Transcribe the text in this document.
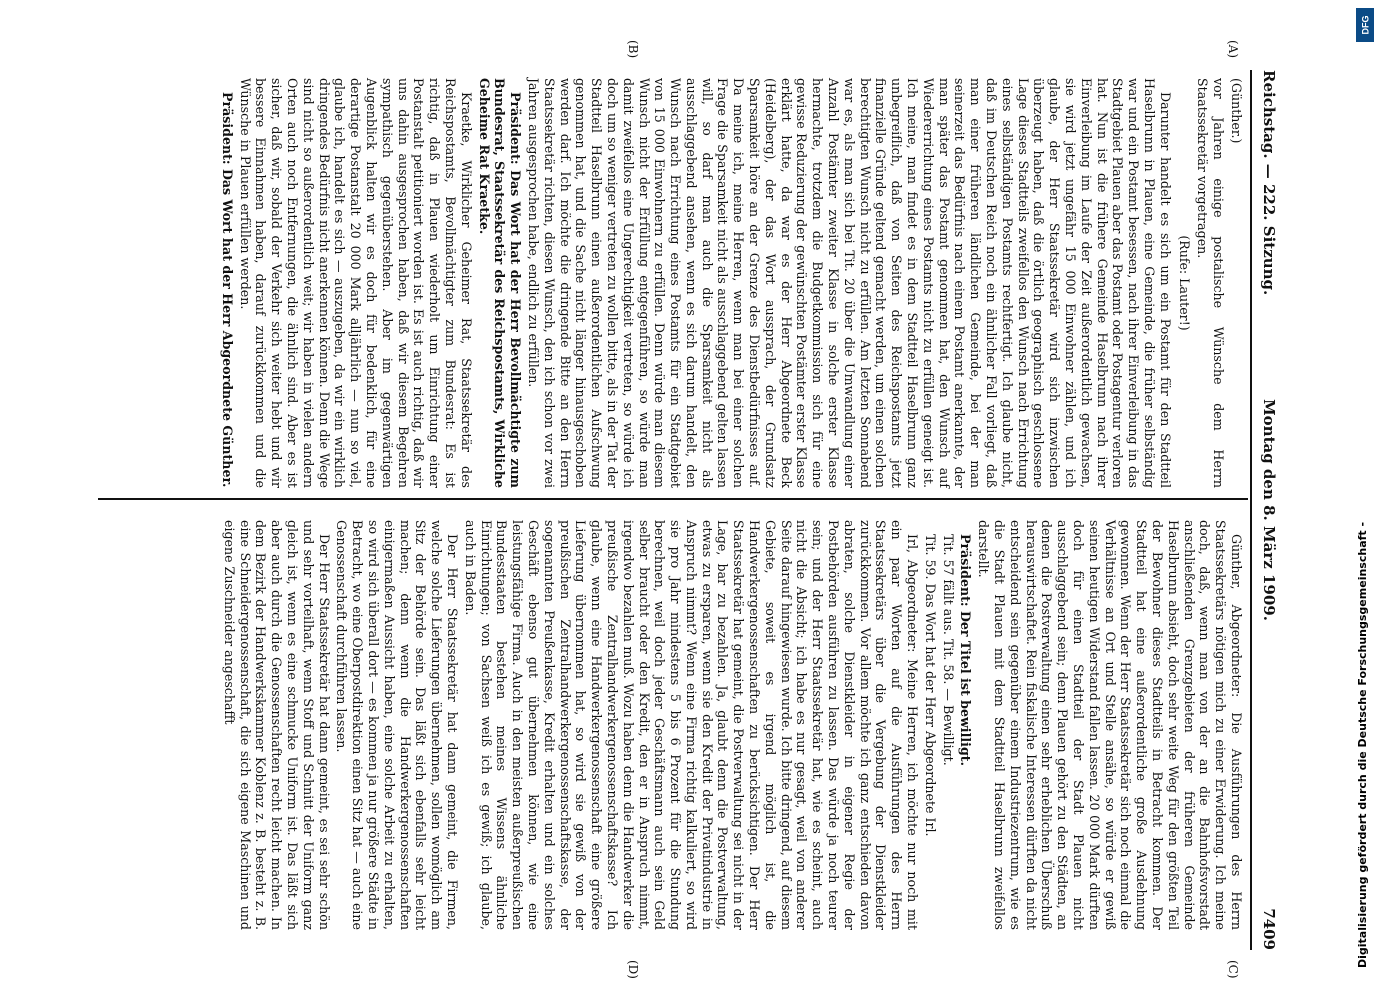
Reichstag. — 222. Sitzung.
Montag den 8. März 1909.
7409
(A)
(B)
(C)
(D)

(Günther.)

vor Jahren einige postalische Wünsche dem Herrn Staatssekretär vorgetragen.

(Rufe: Lauter!)

Darunter handelt es sich um ein Postamt für den Stadtteil Haselbrunn in Plauen, eine Gemeinde, die früher selbständig war und ein Postamt besessen, nach ihrer Einverleibung in das Stadtgebiet Plauen aber das Postamt oder Postagentur verloren hat. Nun ist die frühere Gemeinde Haselbrunn nach ihrer Einverleibung im Laufe der Zeit außerordentlich gewachsen, sie wird jetzt ungefähr 15 000 Einwohner zählen, und ich glaube, der Herr Staatssekretär wird sich inzwischen überzeugt haben, daß die örtlich geographisch geschlossene Lage dieses Stadtteils zweifellos den Wunsch nach Errichtung eines selbständigen Postamts rechtfertigt. Ich glaube nicht, daß im Deutschen Reich noch ein ähnlicher Fall vorliegt, daß man einer früheren ländlichen Gemeinde, bei der man seinerzeit das Bedürfnis nach einem Postamt anerkannte, der man später das Postamt genommen hat, den Wunsch auf Wiedererrichtung eines Postamts nicht zu erfüllen geneigt ist. Ich meine, man findet es in dem Stadtteil Haselbrunn ganz unbegreiflich, daß von Seiten des Reichspostamts jetzt finanzielle Gründe geltend gemacht werden, um einen solchen berechtigten Wunsch nicht zu erfüllen. Am letzten Sonnabend war es, als man sich bei Tit. 20 über die Umwandlung einer Anzahl Postämter zweiter Klasse in solche erster Klasse hermachte, trotzdem die Budgetkommission sich für eine gewisse Reduzierung der gewünschten Postämter erster Klasse erklärt hatte, da war es der Herr Abgeordnete Beck (Heidelberg), der das Wort aussprach, der Grundsatz Sparsamkeit höre an der Grenze des Dienstbedürfnisses auf. Da meine ich, meine Herren, wenn man bei einer solchen Frage die Sparsamkeit nicht als ausschlaggebend gelten lassen will, so darf man auch die Sparsamkeit nicht als ausschlaggebend ansehen, wenn es sich darum handelt, den Wunsch nach Errichtung eines Postamts für ein Stadtgebiet von 15 000 Einwohnern zu erfüllen. Denn würde man diesem Wunsch nicht der Erfüllung entgegenführen, so würde man damit zweifellos eine Ungerechtigkeit vertreten, so würde ich doch um so weniger vertreten zu wollen bitte, als in der Tat der Stadtteil Haselbrunn einen außerordentlichen Aufschwung genommen hat, und die Sache nicht länger hinausgeschoben werden darf. Ich möchte die dringende Bitte an den Herrn Staatssekretär richten, diesen Wunsch, den ich schon vor zwei Jahren ausgesprochen habe, endlich zu erfüllen.

Präsident: Das Wort hat der Herr Bevollmächtigte zum Bundesrat, Staatssekretär des Reichspostamts, Wirkliche Geheime Rat Kraetke.

Kraetke, Wirklicher Geheimer Rat, Staatssekretär des Reichspostamts, Bevollmächtigter zum Bundesrat: Es ist richtig, daß in Plauen wiederholt um Einrichtung einer Postanstalt petitioniert worden ist. Es ist auch richtig, daß wir uns dahin ausgesprochen haben, daß wir diesem Begehren sympathisch gegenüberstehen. Aber im gegenwärtigen Augenblick halten wir es doch für bedenklich, für eine derartige Postanstalt 20 000 Mark alljährlich — nun so viel, glaube ich, handelt es sich — auszugeben, da wir ein wirklich dringendes Bedürfnis nicht anerkennen können. Denn die Wege sind nicht so außerordentlich weit; wir haben in vielen andern Orten auch noch Entfernungen, die ähnlich sind. Aber es ist sicher, daß wir, sobald der Verkehr sich weiter hebt und wir bessere Einnahmen haben, darauf zurückkommen und die Wünsche in Plauen erfüllen werden.

Präsident: Das Wort hat der Herr Abgeordnete Günther.

Günther, Abgeordneter: Die Ausführungen des Herrn Staatssekretärs nötigen mich zu einer Erwiderung. Ich meine doch, daß, wenn man von der an die Bahnhofsvorstadt anschließenden Grenzgebieten der früheren Gemeinde Haselbrunn absieht, doch sehr weite Weg für den größten Teil der Bewohner dieses Stadtteils in Betracht kommen. Der Stadtteil hat eine außerordentliche große Ausdehnung gewonnen. Wenn der Herr Staatssekretär sich noch einmal die Verhältnisse an Ort und Stelle ansähe, so würde er gewiß seinen heutigen Widerstand fallen lassen. 20 000 Mark dürften doch für einen Stadtteil der Stadt Plauen nicht ausschlaggebend sein; denn Plauen gehört zu den Städten, an denen die Postverwaltung einen sehr erheblichen Überschuß herauswirtschaftet. Rein fiskalische Interessen dürften da nicht entscheidend sein gegenüber einem Industriezentrum, wie es die Stadt Plauen mit dem Stadtteil Haselbrunn zweifellos darstellt.

Präsident: Der Titel ist bewilligt.

Tit. 57 fällt aus. Tit. 58. — Bewilligt.

Tit. 59. Das Wort hat der Herr Abgeordnete Irl.

Irl, Abgeordneter: Meine Herren, ich möchte nur noch mit ein paar Worten auf die Ausführungen des Herrn Staatssekretärs über die Vergebung der Dienstkleider zurückkommen. Vor allem möchte ich ganz entschieden davon abraten, solche Dienstkleider in eigener Regie der Postbehörden ausführen zu lassen. Das würde ja noch teurer sein; und der Herr Staatssekretär hat, wie es scheint, auch nicht die Absicht; ich habe es nur gesagt, weil von anderer Seite darauf hingewiesen wurde. Ich bitte dringend, auf diesem Gebiete, soweit es irgend möglich ist, die Handwerkergenossenschaften zu berücksichtigen. Der Herr Staatssekretär hat gemeint, die Postverwaltung sei nicht in der Lage, bar zu bezahlen. Ja, glaubt denn die Postverwaltung, etwas zu ersparen, wenn sie den Kredit der Privatindustrie in Anspruch nimmt? Wenn eine Firma richtig kalkuliert, so wird sie pro Jahr mindestens 5 bis 6 Prozent für die Stundung berechnen, weil doch jeder Geschäftsmann auch sein Geld selber braucht oder den Kredit, den er in Anspruch nimmt, irgendwo bezahlen muß. Wozu haben denn die Handwerker die preußische Zentralhandwerkergenossenschaftskasse? Ich glaube, wenn eine Handwerkergenossenschaft eine größere Lieferung übernommen hat, so wird sie gewiß von der preußischen Zentralhandwerkergenossenschaftskasse, der sogenannten Preußenkasse, Kredit erhalten und ein solches Geschäft ebenso gut übernehmen können, wie eine leistungsfähige Firma. Auch in den meisten außerpreußischen Bundesstaaten bestehen meines Wissens ähnliche Einrichtungen; von Sachsen weiß ich es gewiß; ich glaube, auch in Baden.

Der Herr Staatssekretär hat dann gemeint, die Firmen, welche solche Lieferungen übernehmen, sollen womöglich am Sitz der Behörde sein. Das läßt sich ebenfalls sehr leicht machen; denn wenn die Handwerkergenossenschaften einigermaßen Aussicht haben, eine solche Arbeit zu erhalten, so wird sich überall dort — es kommen ja nur größere Städte in Betracht, wo eine Oberpostdirektion einen Sitz hat — auch eine Genossenschaft durchführen lassen.

Der Herr Staatssekretär hat dann gemeint, es sei sehr schön und sehr vorteilhaft, wenn Stoff und Schnitt der Uniform ganz gleich ist, wenn es eine schmucke Uniform ist. Das läßt sich aber auch durch die Genossenschaften recht leicht machen. In dem Bezirk der Handwerkskammer Koblenz z. B. besteht z. B. eine Schneidergenossenschaft, die sich eigene Maschinen und eigene Zuschneider angeschafft	Digitalisierung gefördert durch die Deutsche Forschungsgemeinschaft -
DFG
